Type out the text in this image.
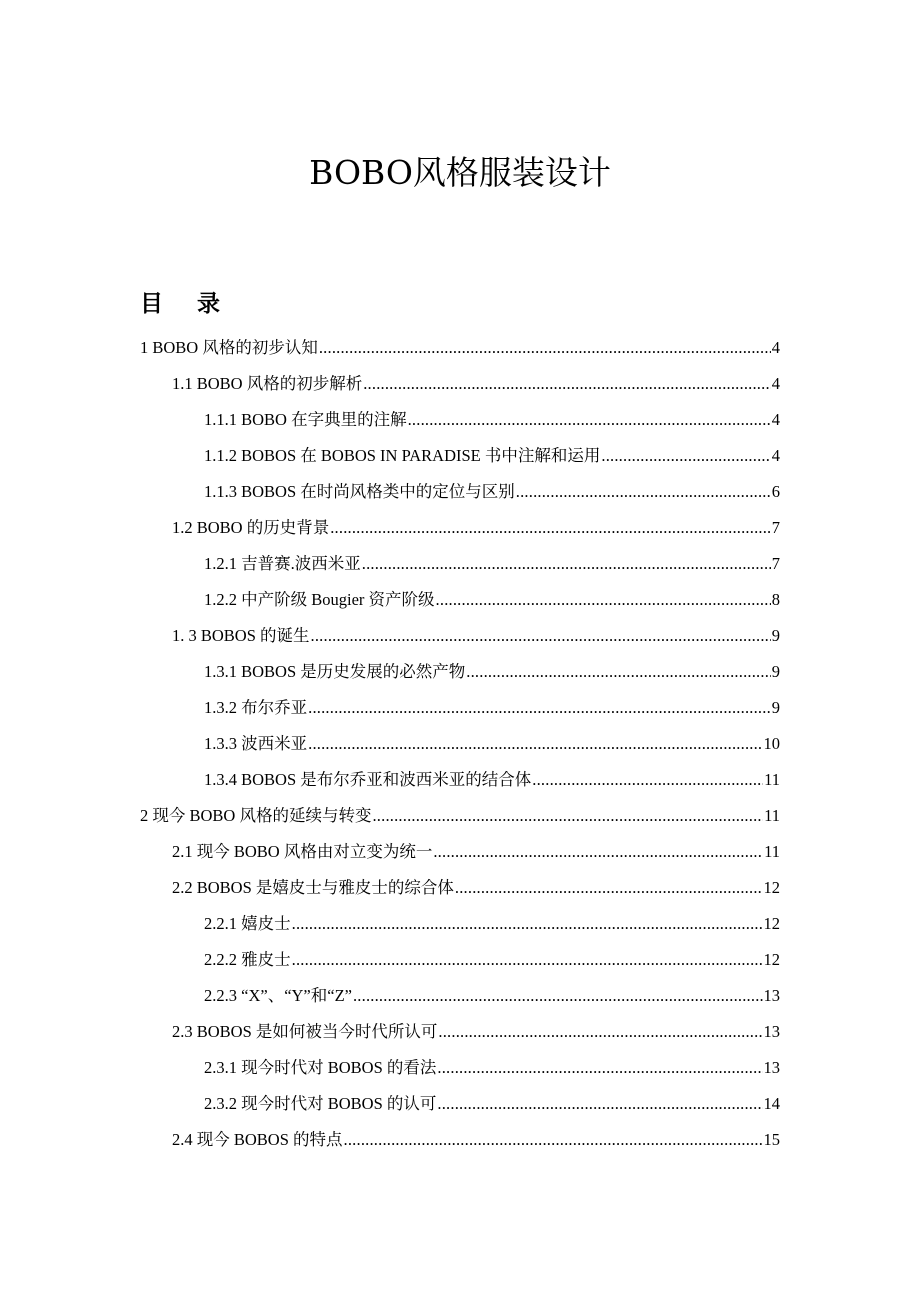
BOBO风格服装设计
目 录
1 BOBO 风格的初步认知 .....	4
1.1 BOBO 风格的初步解析 .....	4
1.1.1 BOBO 在字典里的注解 .....	4
1.1.2 BOBOS 在 BOBOS IN PARADISE 书中注解和运用 .....	4
1.1.3 BOBOS 在时尚风格类中的定位与区别 .....	6
1.2 BOBO 的历史背景 .....	7
1.2.1 吉普赛.波西米亚 .....	7
1.2.2 中产阶级 Bougier 资产阶级 .....	8
1. 3 BOBOS 的诞生 .....	9
1.3.1 BOBOS 是历史发展的必然产物 .....	9
1.3.2 布尔乔亚 .....	9
1.3.3 波西米亚 .....	10
1.3.4 BOBOS 是布尔乔亚和波西米亚的结合体 .....	11
2 现今 BOBO 风格的延续与转变 .....	11
2.1 现今 BOBO 风格由对立变为统一 .....	11
2.2 BOBOS 是嬉皮士与雅皮士的综合体 .....	12
2.2.1 嬉皮士 .....	12
2.2.2 雅皮士 .....	12
2.2.3 “X”、“Y”和“Z” .....	13
2.3 BOBOS 是如何被当今时代所认可 .....	13
2.3.1 现今时代对 BOBOS 的看法 .....	13
2.3.2 现今时代对 BOBOS 的认可 .....	14
2.4 现今 BOBOS 的特点 .....	15
